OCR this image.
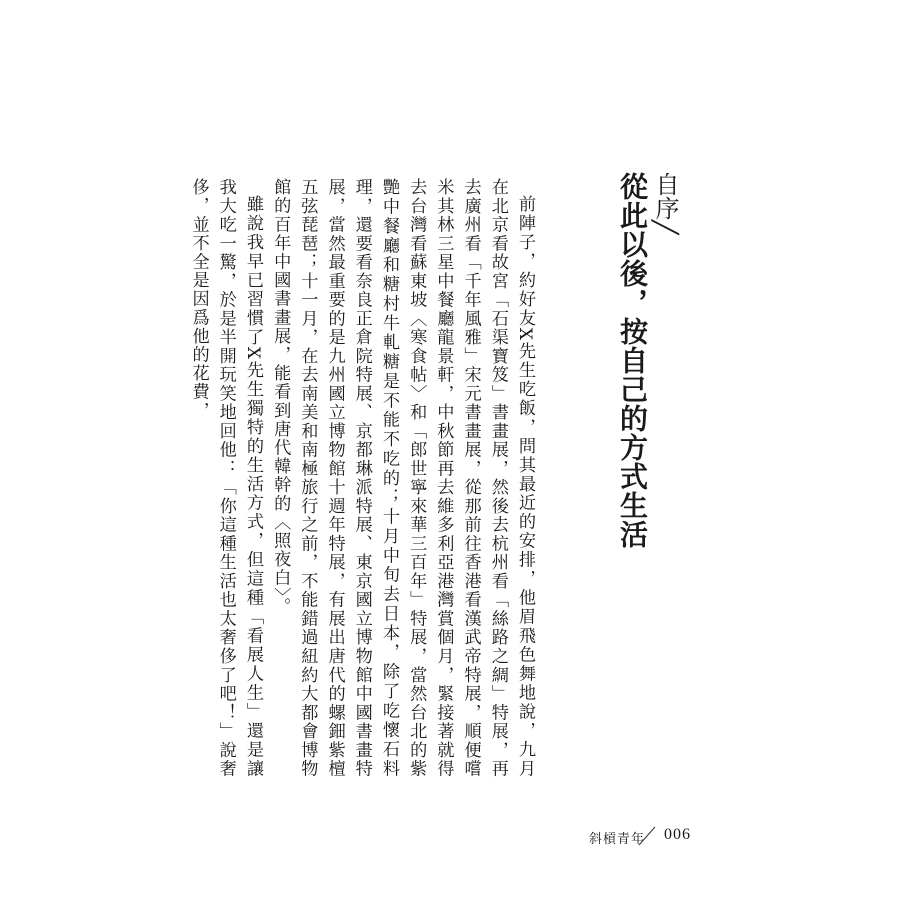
自序╱
從此以後，按自己的方式生活

前陣子，約好友X先生吃飯，問其最近的安排，他眉飛色舞地說，九月在北京看故宮「石渠寶笈」書畫展，然後去杭州看「絲路之綢」特展，再去廣州看「千年風雅」宋元書畫展，從那前往香港看漢武帝特展，順便嚐米其林三星中餐廳龍景軒，中秋節再去維多利亞港灣賞個月，緊接著就得去台灣看蘇東坡〈寒食帖〉和「郎世寧來華三百年」特展，當然台北的紫艷中餐廳和糖村牛軋糖是不能不吃的；十月中旬去日本，除了吃懷石料理，還要看奈良正倉院特展、京都琳派特展、東京國立博物館中國書畫特展，當然最重要的是九州國立博物館十週年特展，有展出唐代的螺鈿紫檀五弦琵琶；十一月，在去南美和南極旅行之前，不能錯過紐約大都會博物館的百年中國書畫展，能看到唐代韓幹的〈照夜白〉。

雖說我早已習慣了X先生獨特的生活方式，但這種「看展人生」還是讓我大吃一驚，於是半開玩笑地回他：「你這種生活也太奢侈了吧！」說奢侈，並不全是因爲他的花費，

斜槓青年 006
